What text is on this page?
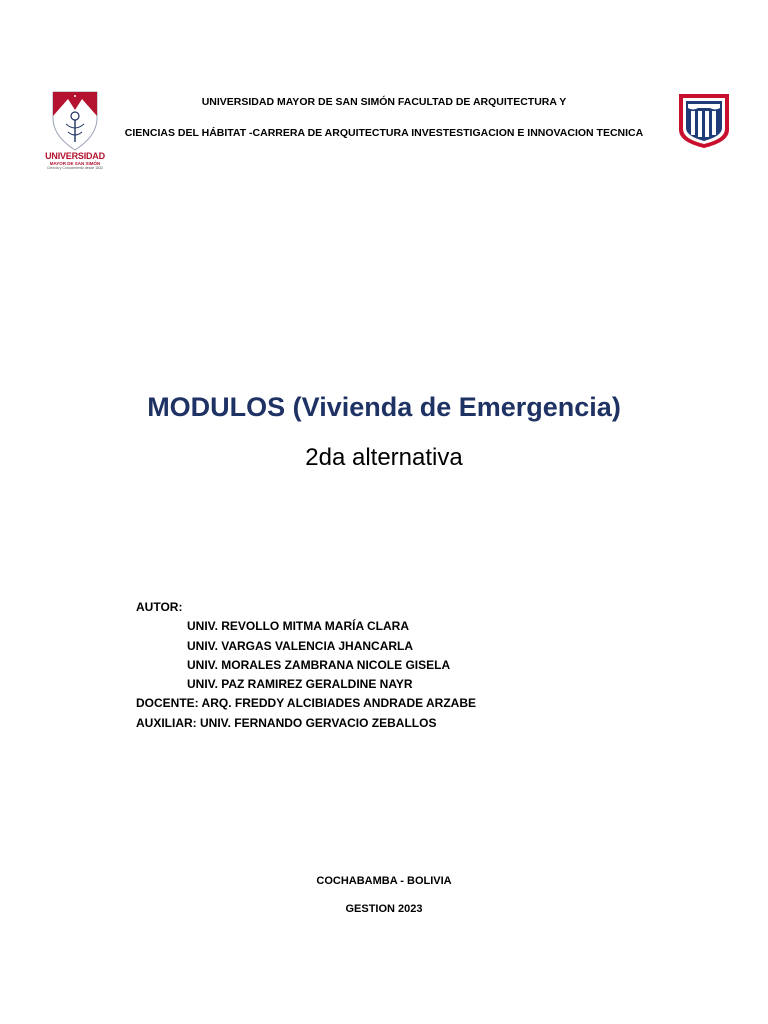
UNIVERSIDAD
MAYOR DE SAN SIMÓN
Ciencia y Conocimiento desde 1832
UNIVERSIDAD MAYOR DE SAN SIMÓN FACULTAD DE ARQUITECTURA Y
CIENCIAS DEL HÁBITAT -CARRERA DE ARQUITECTURA INVESTESTIGACION E INNOVACION TECNICA
MODULOS (Vivienda de Emergencia)
2da alternativa
AUTOR:
UNIV. REVOLLO MITMA MARÍA CLARA
UNIV. VARGAS VALENCIA JHANCARLA
UNIV. MORALES ZAMBRANA NICOLE GISELA
UNIV. PAZ RAMIREZ GERALDINE NAYR
DOCENTE: ARQ. FREDDY ALCIBIADES ANDRADE ARZABE
AUXILIAR: UNIV. FERNANDO GERVACIO ZEBALLOS
COCHABAMBA - BOLIVIA
GESTION 2023
